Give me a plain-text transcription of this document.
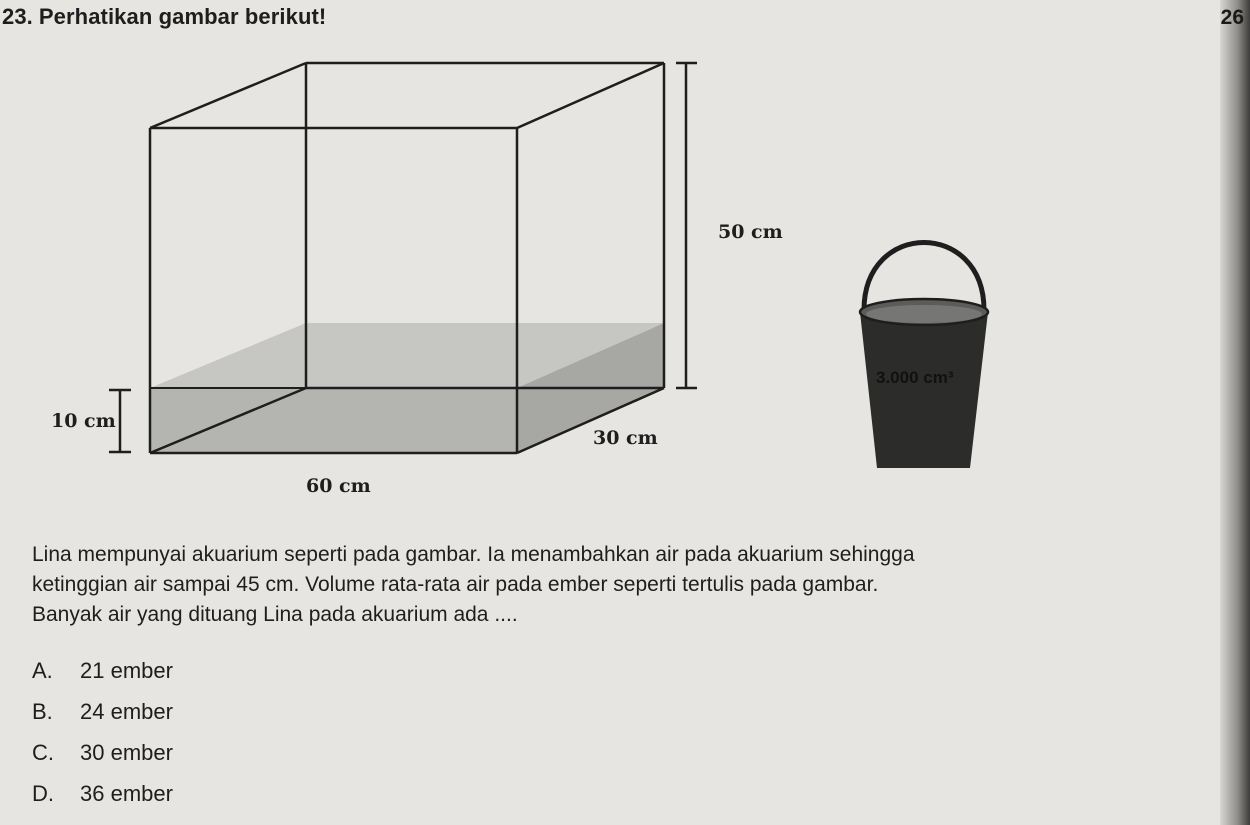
26
23. Perhatikan gambar berikut!
50 cm
10 cm
60 cm
30 cm
3.000 cm³

Lina mempunyai akuarium seperti pada gambar. Ia menambahkan air pada akuarium sehingga

ketinggian air sampai 45 cm. Volume rata-rata air pada ember seperti tertulis pada gambar.

Banyak air yang dituang Lina pada akuarium ada ....

A.	21 ember
B.	24 ember
C.	30 ember
D.	36 ember
